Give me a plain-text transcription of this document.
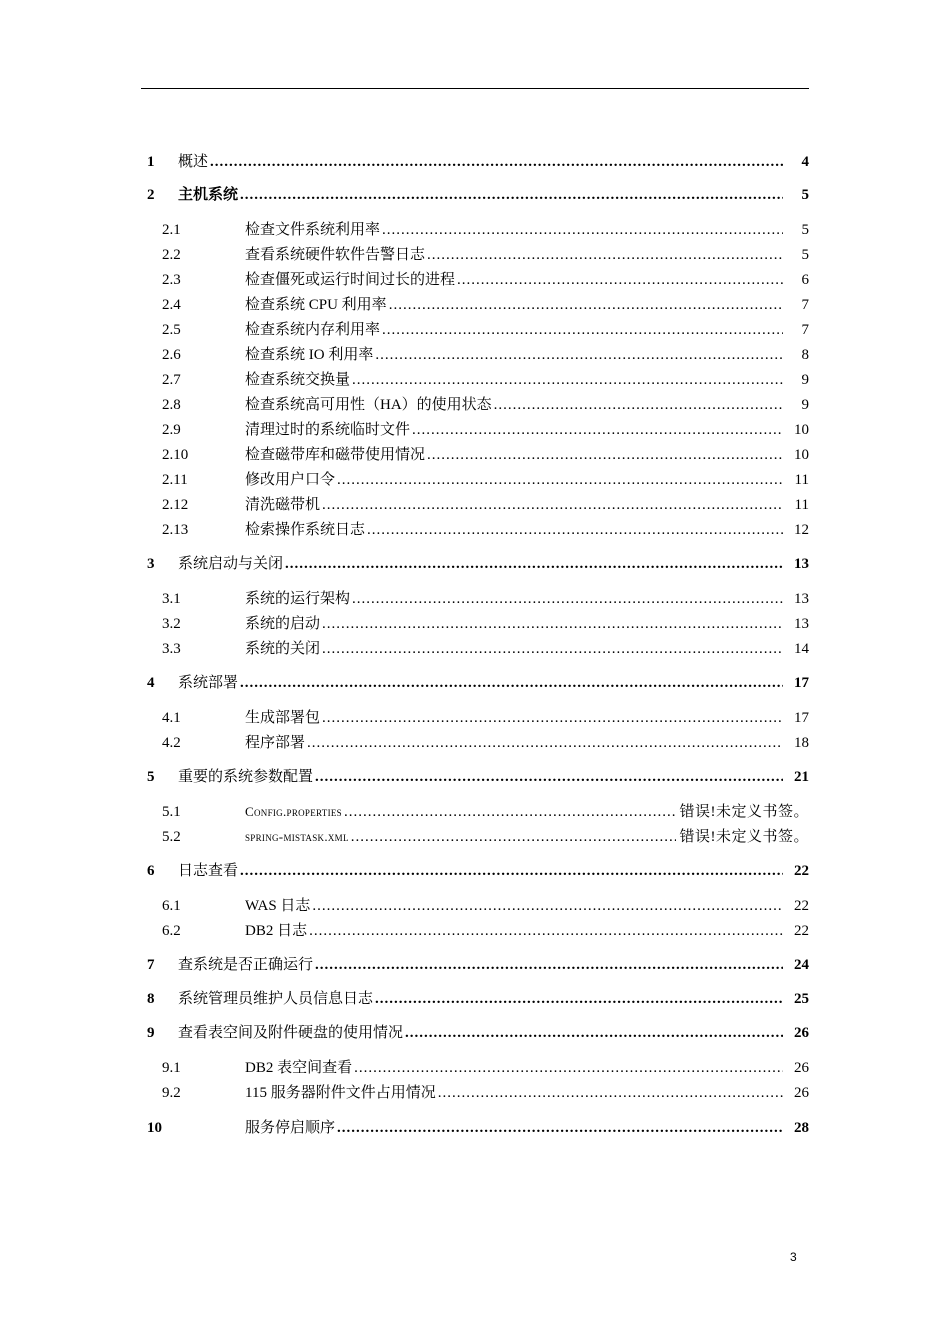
1 概述 .....	4
2 主机系统 .....	5
2.1	检查文件系统利用率 .....	5
2.2	查看系统硬件软件告警日志 .....	5
2.3	检查僵死或运行时间过长的进程 .....	6
2.4	检查系统 CPU 利用率 .....	7
2.5	检查系统内存利用率 .....	7
2.6	检查系统 IO 利用率 .....	8
2.7	检查系统交换量 .....	9
2.8	检查系统高可用性（HA）的使用状态 .....	9
2.9	清理过时的系统临时文件 .....	10
2.10	检查磁带库和磁带使用情况 .....	10
2.11	修改用户口令 .....	11
2.12	清洗磁带机 .....	11
2.13	检索操作系统日志 .....	12
3 系统启动与关闭 .....	13
3.1	系统的运行架构 .....	13
3.2	系统的启动 .....	13
3.3	系统的关闭 .....	14
4 系统部署 .....	17
4.1	生成部署包 .....	17
4.2	程序部署 .....	18
5 重要的系统参数配置 .....	21
5.1	Config.properties .....	错误!未定义书签。
5.2	spring-mistask.xml .....	错误!未定义书签。
6 日志查看 .....	22
6.1	WAS 日志 .....	22
6.2	DB2 日志 .....	22
7 查系统是否正确运行 .....	24
8 系统管理员维护人员信息日志 .....	25
9 查看表空间及附件硬盘的使用情况 .....	26
9.1	DB2 表空间查看 .....	26
9.2	115 服务器附件文件占用情况 .....	26
10	服务停启顺序 .....	28
3
